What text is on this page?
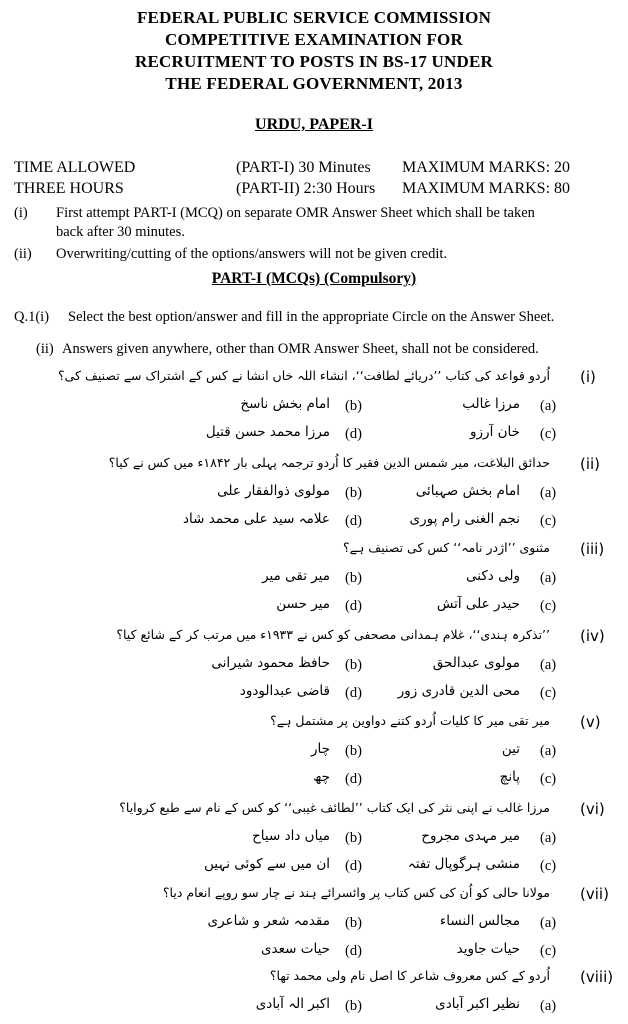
FEDERAL PUBLIC SERVICE COMMISSION
COMPETITIVE EXAMINATION FOR
RECRUITMENT TO POSTS IN BS-17 UNDER
THE FEDERAL GOVERNMENT, 2013
URDU, PAPER-I
TIME ALLOWED	(PART-I) 30 Minutes MAXIMUM MARKS: 20
THREE HOURS	(PART-II) 2:30 Hours MAXIMUM MARKS: 80
(i) First attempt PART-I (MCQ) on separate OMR Answer Sheet which shall be taken
back after 30 minutes.
(ii) Overwriting/cutting of the options/answers will not be given credit.
PART-I (MCQs) (Compulsory)
Q.1(i) Select the best option/answer and fill in the appropriate Circle on the Answer Sheet.
(ii) Answers given anywhere, other than OMR Answer Sheet, shall not be considered.
(i)
اُردو قواعد کی کتاب ’’دریائے لطافت‘‘، انشاء اللہ خاں انشا نے کس کے اشتراک سے تصنیف کی؟
(a)
مرزا غالب
(b)
امام بخش ناسخ
(c)
خان آرزو
(d)
مرزا محمد حسن قتیل
(ii)
حدائق البلاغت، میر شمس الدین فقیر کا اُردو ترجمہ پہلی بار ۱۸۴۲ء میں کس نے کیا؟
(a)
امام بخش صہبائی
(b)
مولوی ذوالفقار علی
(c)
نجم الغنی رام پوری
(d)
علامہ سید علی محمد شاد
(iii)
مثنوی ’’اژدر نامہ‘‘ کس کی تصنیف ہے؟
(a)
ولی دکنی
(b)
میر تقی میر
(c)
حیدر علی آتش
(d)
میر حسن
(iv)
’’تذکرہ ہندی‘‘، غلام ہمدانی مصحفی کو کس نے ۱۹۳۳ء میں مرتب کر کے شائع کیا؟
(a)
مولوی عبدالحق
(b)
حافظ محمود شیرانی
(c)
محی الدین قادری زور
(d)
قاضی عبدالودود
(v)
میر تقی میر کا کلیات اُردو کتنے دواوین پر مشتمل ہے؟
(a)
تین
(b)
چار
(c)
پانچ
(d)
چھ
(vi)
مرزا غالب نے اپنی نثر کی ایک کتاب ’’لطائف غیبی‘‘ کو کس کے نام سے طبع کروایا؟
(a)
میر مہدی مجروح
(b)
میاں داد سیاح
(c)
منشی ہرگوپال تفتہ
(d)
ان میں سے کوئی نہیں
(vii)
مولانا حالی کو اُن کی کس کتاب پر وائسرائے ہند نے چار سو روپے انعام دیا؟
(a)
مجالس النساء
(b)
مقدمہ شعر و شاعری
(c)
حیات جاوید
(d)
حیات سعدی
(viii)
اُردو کے کس معروف شاعر کا اصل نام ولی محمد تھا؟
(a)
نظیر اکبر آبادی
(b)
اکبر الہ آبادی
